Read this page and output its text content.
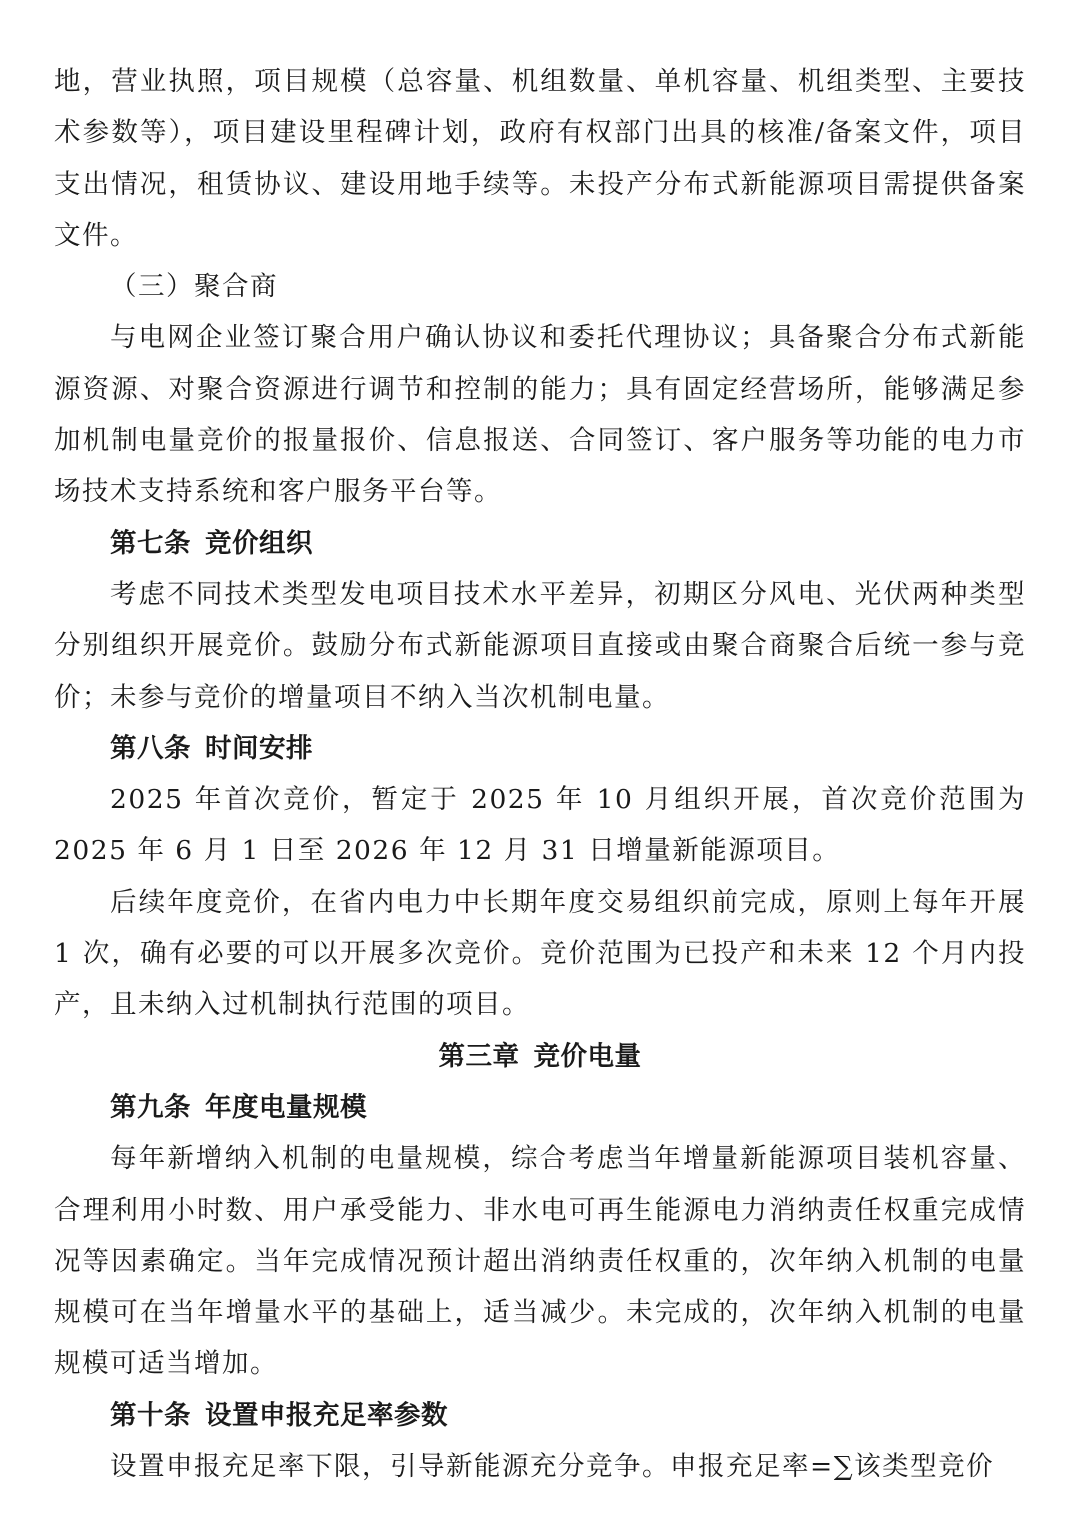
地，营业执照，项目规模（总容量、机组数量、单机容量、机组类型、主要技术参数等），项目建设里程碑计划，政府有权部门出具的核准/备案文件，项目支出情况，租赁协议、建设用地手续等。未投产分布式新能源项目需提供备案文件。

（三）聚合商

与电网企业签订聚合用户确认协议和委托代理协议；具备聚合分布式新能源资源、对聚合资源进行调节和控制的能力；具有固定经营场所，能够满足参加机制电量竞价的报量报价、信息报送、合同签订、客户服务等功能的电力市场技术支持系统和客户服务平台等。

第七条 竞价组织

考虑不同技术类型发电项目技术水平差异，初期区分风电、光伏两种类型分别组织开展竞价。鼓励分布式新能源项目直接或由聚合商聚合后统一参与竞价；未参与竞价的增量项目不纳入当次机制电量。

第八条 时间安排

2025 年首次竞价，暂定于 2025 年 10 月组织开展，首次竞价范围为 2025 年 6 月 1 日至 2026 年 12 月 31 日增量新能源项目。

后续年度竞价，在省内电力中长期年度交易组织前完成，原则上每年开展 1 次，确有必要的可以开展多次竞价。竞价范围为已投产和未来 12 个月内投产，且未纳入过机制执行范围的项目。

第三章 竞价电量
第九条 年度电量规模

每年新增纳入机制的电量规模，综合考虑当年增量新能源项目装机容量、合理利用小时数、用户承受能力、非水电可再生能源电力消纳责任权重完成情况等因素确定。当年完成情况预计超出消纳责任权重的，次年纳入机制的电量规模可在当年增量水平的基础上，适当减少。未完成的，次年纳入机制的电量规模可适当增加。

第十条 设置申报充足率参数

设置申报充足率下限，引导新能源充分竞争。申报充足率=∑该类型竞价
